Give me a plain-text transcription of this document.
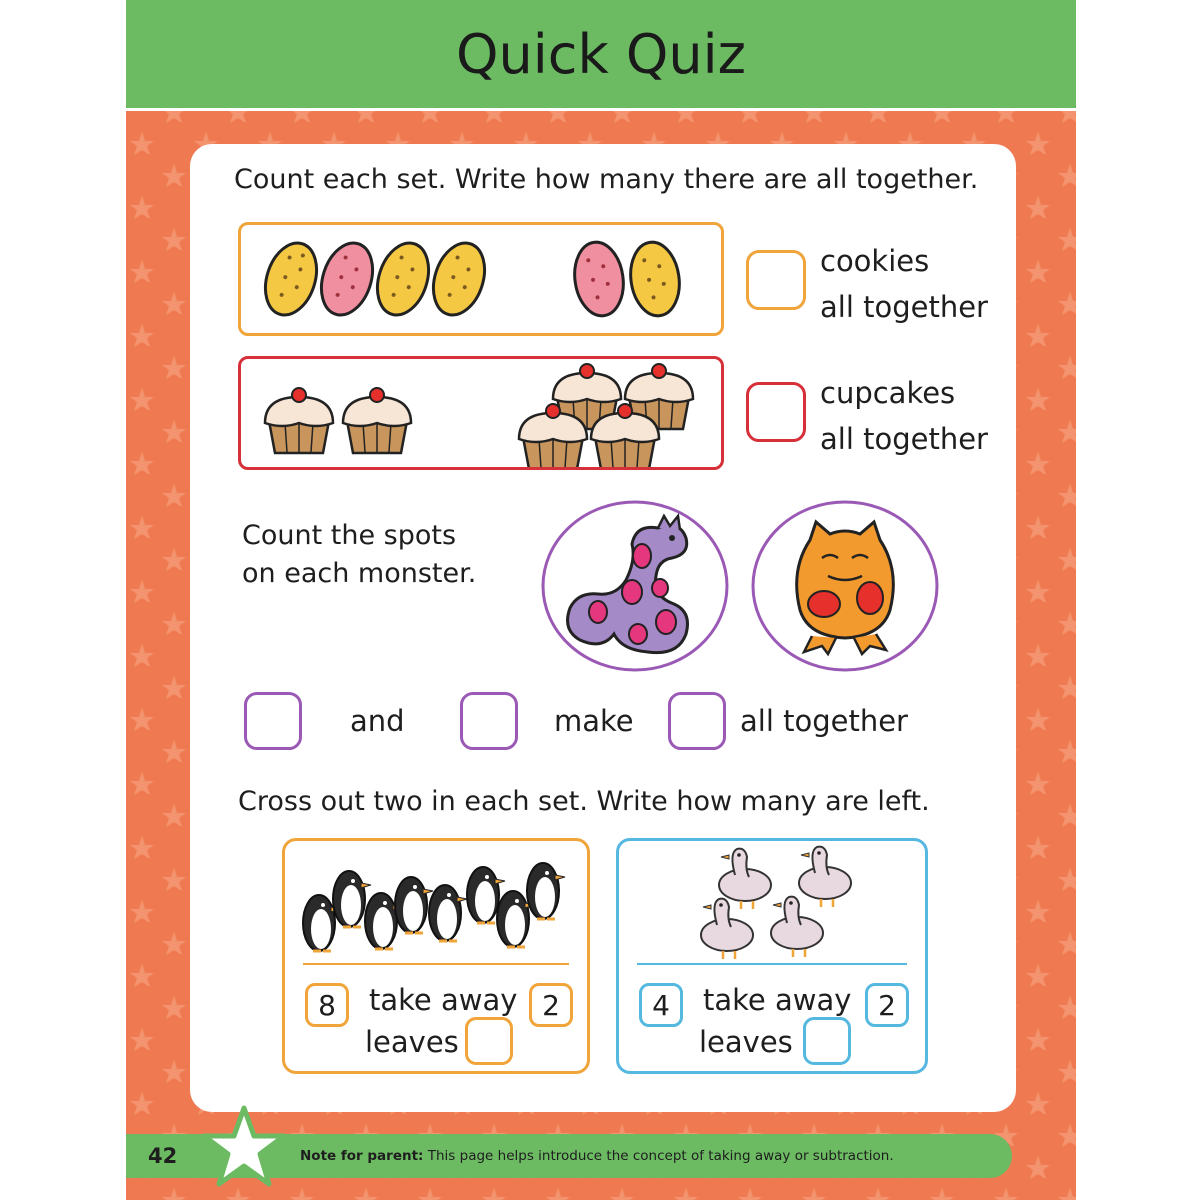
Quick Quiz
Count each set. Write how many there are all together.
cookies
all together
cupcakes
all together
Count the spots
on each monster.
and	make	all together
Cross out two in each set. Write how many are left.
8	take away 2
leaves
4	take away 2
leaves
42	Note for parent: This page helps introduce the concept of taking away or subtraction.
